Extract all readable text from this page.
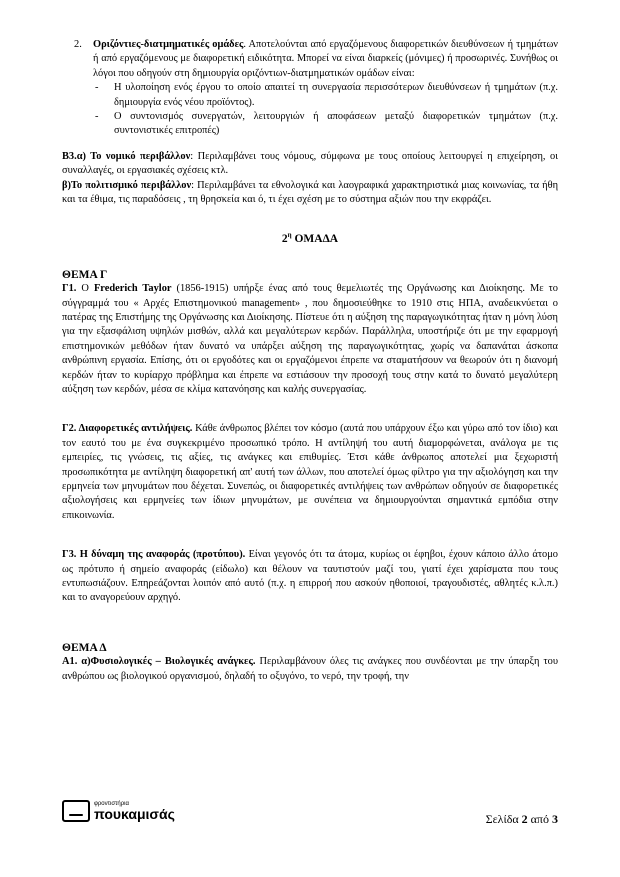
2. Οριζόντιες-διατμηματικές ομάδες. Αποτελούνται από εργαζόμενους διαφορετικών διευθύνσεων ή τμημάτων ή από εργαζόμενους με διαφορετική ειδικότητα. Μπορεί να είναι διαρκείς (μόνιμες) ή προσωρινές. Συνήθως οι λόγοι που οδηγούν στη δημιουργία οριζόντιων-διατμηματικών ομάδων είναι:

-	Η υλοποίηση ενός έργου το οποίο απαιτεί τη συνεργασία περισσότερων διευθύνσεων ή τμημάτων (π.χ. δημιουργία ενός νέου προϊόντος).
-	Ο συντονισμός συνεργατών, λειτουργιών ή αποφάσεων μεταξύ διαφορετικών τμημάτων (π.χ. συντονιστικές επιτροπές)

Β3.α) Το νομικό περιβάλλον: Περιλαμβάνει τους νόμους, σύμφωνα με τους οποίους λειτουργεί η επιχείρηση, οι συναλλαγές, οι εργασιακές σχέσεις κτλ.

β)Το πολιτισμικό περιβάλλον: Περιλαμβάνει τα εθνολογικά και λαογραφικά χαρακτηριστικά μιας κοινωνίας, τα ήθη και τα έθιμα, τις παραδόσεις , τη θρησκεία και ό, τι έχει σχέση με το σύστημα αξιών που την εκφράζει.

$2^\eta$ ΟΜΑΔΑ
ΘΕΜΑ Γ

Γ1. Ο Frederich Taylor (1856-1915) υπήρξε ένας από τους θεμελιωτές της Οργάνωσης και Διοίκησης. Με το σύγγραμμά του « Αρχές Επιστημονικού management» , που δημοσιεύθηκε το 1910 στις ΗΠΑ, αναδεικνύεται ο πατέρας της Επιστήμης της Οργάνωσης και Διοίκησης. Πίστευε ότι η αύξηση της παραγωγικότητας ήταν η μόνη λύση για την εξασφάλιση υψηλών μισθών, αλλά και μεγαλύτερων κερδών. Παράλληλα, υποστήριζε ότι με την εφαρμογή επιστημονικών μεθόδων ήταν δυνατό να υπάρξει αύξηση της παραγωγικότητας, χωρίς να δαπανάται άσκοπα ανθρώπινη εργασία. Επίσης, ότι οι εργοδότες και οι εργαζόμενοι έπρεπε να σταματήσουν να θεωρούν ότι η διανομή κερδών ήταν το κυρίαρχο πρόβλημα και έπρεπε να εστιάσουν την προσοχή τους στην κατά το δυνατό μεγαλύτερη αύξηση των κερδών, μέσα σε κλίμα κατανόησης και καλής συνεργασίας.

Γ2. Διαφορετικές αντιλήψεις. Κάθε άνθρωπος βλέπει τον κόσμο (αυτά που υπάρχουν έξω και γύρω από τον ίδιο) και τον εαυτό του με ένα συγκεκριμένο προσωπικό τρόπο. Η αντίληψή του αυτή διαμορφώνεται, ανάλογα με τις εμπειρίες, τις γνώσεις, τις αξίες, τις ανάγκες και επιθυμίες. Έτσι κάθε άνθρωπος αποτελεί μια ξεχωριστή προσωπικότητα με αντίληψη διαφορετική απ' αυτή των άλλων, που αποτελεί όμως φίλτρο για την αξιολόγηση και την ερμηνεία των μηνυμάτων που δέχεται. Συνεπώς, οι διαφορετικές αντιλήψεις των ανθρώπων οδηγούν σε διαφορετικές αξιολογήσεις και ερμηνείες των ίδιων μηνυμάτων, με συνέπεια να δημιουργούνται σημαντικά εμπόδια στην επικοινωνία.

Γ3. Η δύναμη της αναφοράς (προτύπου). Είναι γεγονός ότι τα άτομα, κυρίως οι έφηβοι, έχουν κάποιο άλλο άτομο ως πρότυπο ή σημείο αναφοράς (είδωλο) και θέλουν να ταυτιστούν μαζί του, γιατί έχει χαρίσματα που τους εντυπωσιάζουν. Επηρεάζονται λοιπόν από αυτό (π.χ. η επιρροή που ασκούν ηθοποιοί, τραγουδιστές, αθλητές κ.λ.π.) και το αναγορεύουν αρχηγό.

ΘΕΜΑ Δ

Α1. α)Φυσιολογικές – Βιολογικές ανάγκες. Περιλαμβάνουν όλες τις ανάγκες που συνδέονται με την ύπαρξη του ανθρώπου ως βιολογικού οργανισμού, δηλαδή το οξυγόνο, το νερό, την τροφή, την

φροντιστήρια
πουκαμισάς	Σελίδα 2 από 3
